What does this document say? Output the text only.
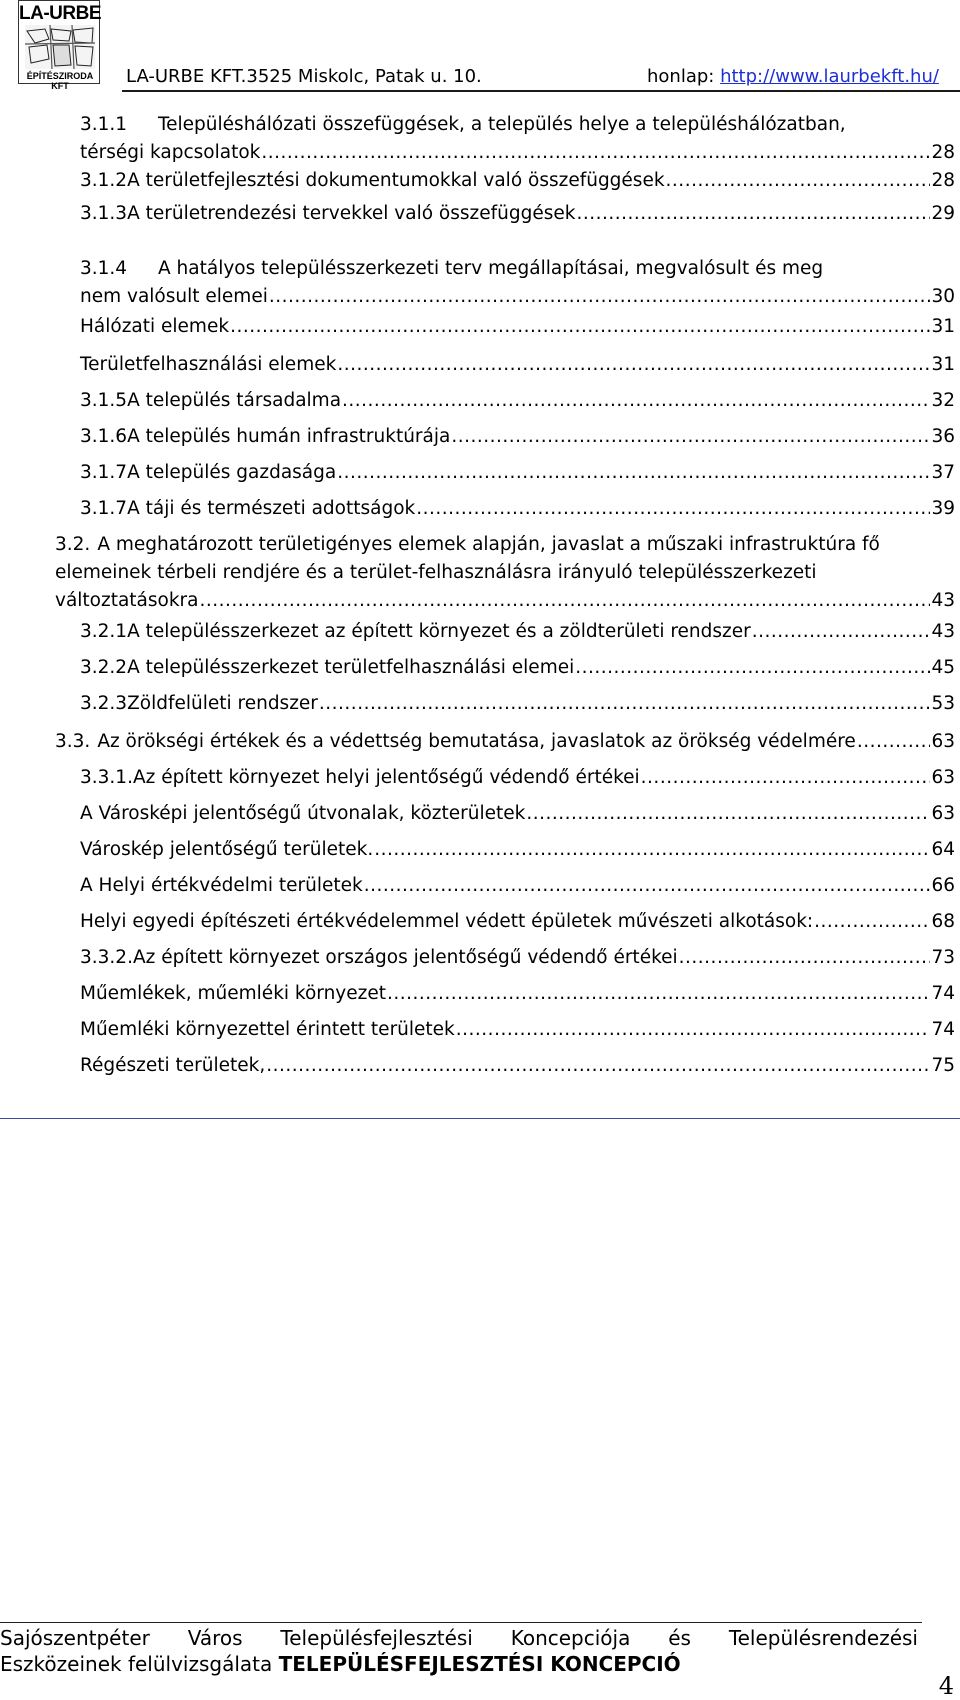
LA-URBE
ÉPÍTÉSZIRODA KFT	LA-URBE KFT.3525 Miskolc, Patak u. 10.	honlap: http://www.laurbekft.hu/
3.1.1 Településhálózati összefüggések, a település helye a településhálózatban,
térségi kapcsolatok .....	28
3.1.2 A területfejlesztési dokumentumokkal való összefüggések .....	28
3.1.3 A területrendezési tervekkel való összefüggések .....	29
3.1.4 A hatályos településszerkezeti terv megállapításai, megvalósult és meg
nem valósult elemei .....	30
Hálózati elemek .....	31
Területfelhasználási elemek .....	31
3.1.5 A település társadalma .....	32
3.1.6 A település humán infrastruktúrája .....	36
3.1.7 A település gazdasága .....	37
3.1.7 A táji és természeti adottságok .....	39
3.2. A meghatározott területigényes elemek alapján, javaslat a műszaki infrastruktúra fő
elemeinek térbeli rendjére és a terület-felhasználásra irányuló településszerkezeti
változtatásokra .....	43
3.2.1 A településszerkezet az épített környezet és a zöldterületi rendszer .....	43
3.2.2 A településszerkezet területfelhasználási elemei .....	45
3.2.3 Zöldfelületi rendszer .....	53
3.3. Az örökségi értékek és a védettség bemutatása, javaslatok az örökség védelmére .....	63
3.3.1.Az épített környezet helyi jelentőségű védendő értékei .....	63
A Városképi jelentőségű útvonalak, közterületek .....	63
Városkép jelentőségű területek. .....	64
A Helyi értékvédelmi területek .....	66
Helyi egyedi építészeti értékvédelemmel védett épületek művészeti alkotások: .....	68
3.3.2. Az épített környezet országos jelentőségű védendő értékei .....	73
Műemlékek, műemléki környezet .....	74
Műemléki környezettel érintett területek .....	74
Régészeti területek, .....	75
Sajószentpéter Város Településfejlesztési Koncepciója és Településrendezési
Eszközeinek felülvizsgálata TELEPÜLÉSFEJLESZTÉSI KONCEPCIÓ
4
